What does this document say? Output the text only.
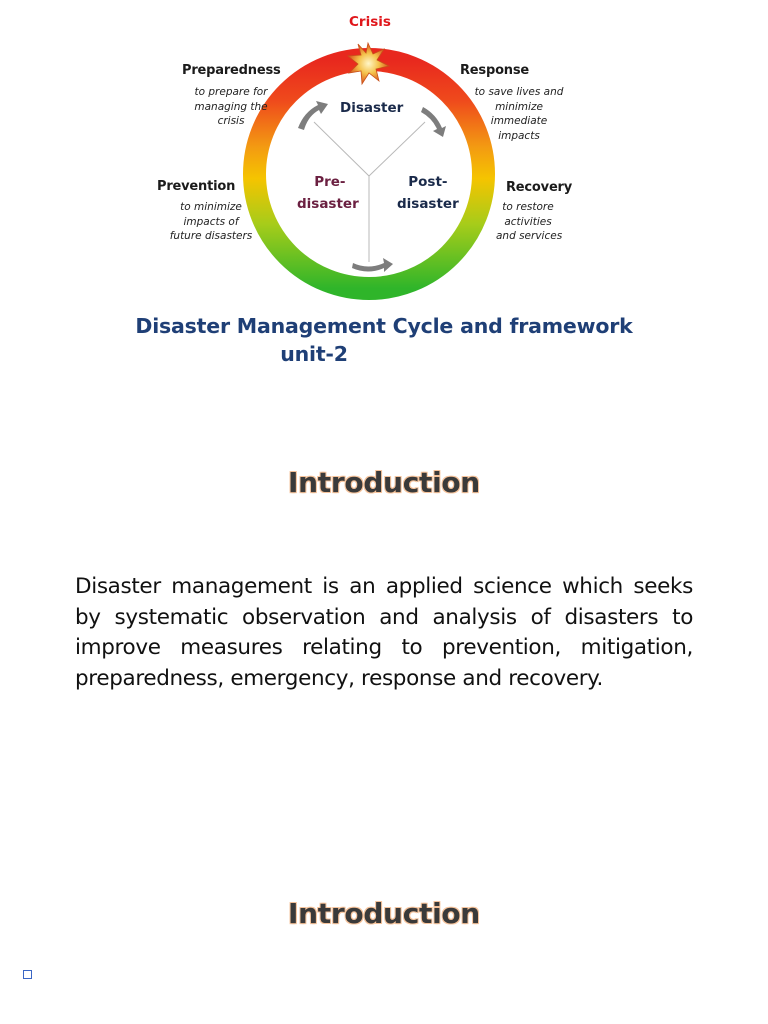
Crisis
Disaster
Pre-
disaster
Post-
disaster
Preparedness
to prepare for
managing the
crisis
Response
to save lives and
minimize
immediate
impacts
Prevention
to minimize
impacts of
future disasters
Recovery
to restore
activities
and services
Disaster Management Cycle and framework
unit-2
Introduction
Disaster management is an applied science which seeks by systematic observation and analysis of disasters to improve measures relating to prevention, mitigation, preparedness, emergency, response and recovery.
Introduction
